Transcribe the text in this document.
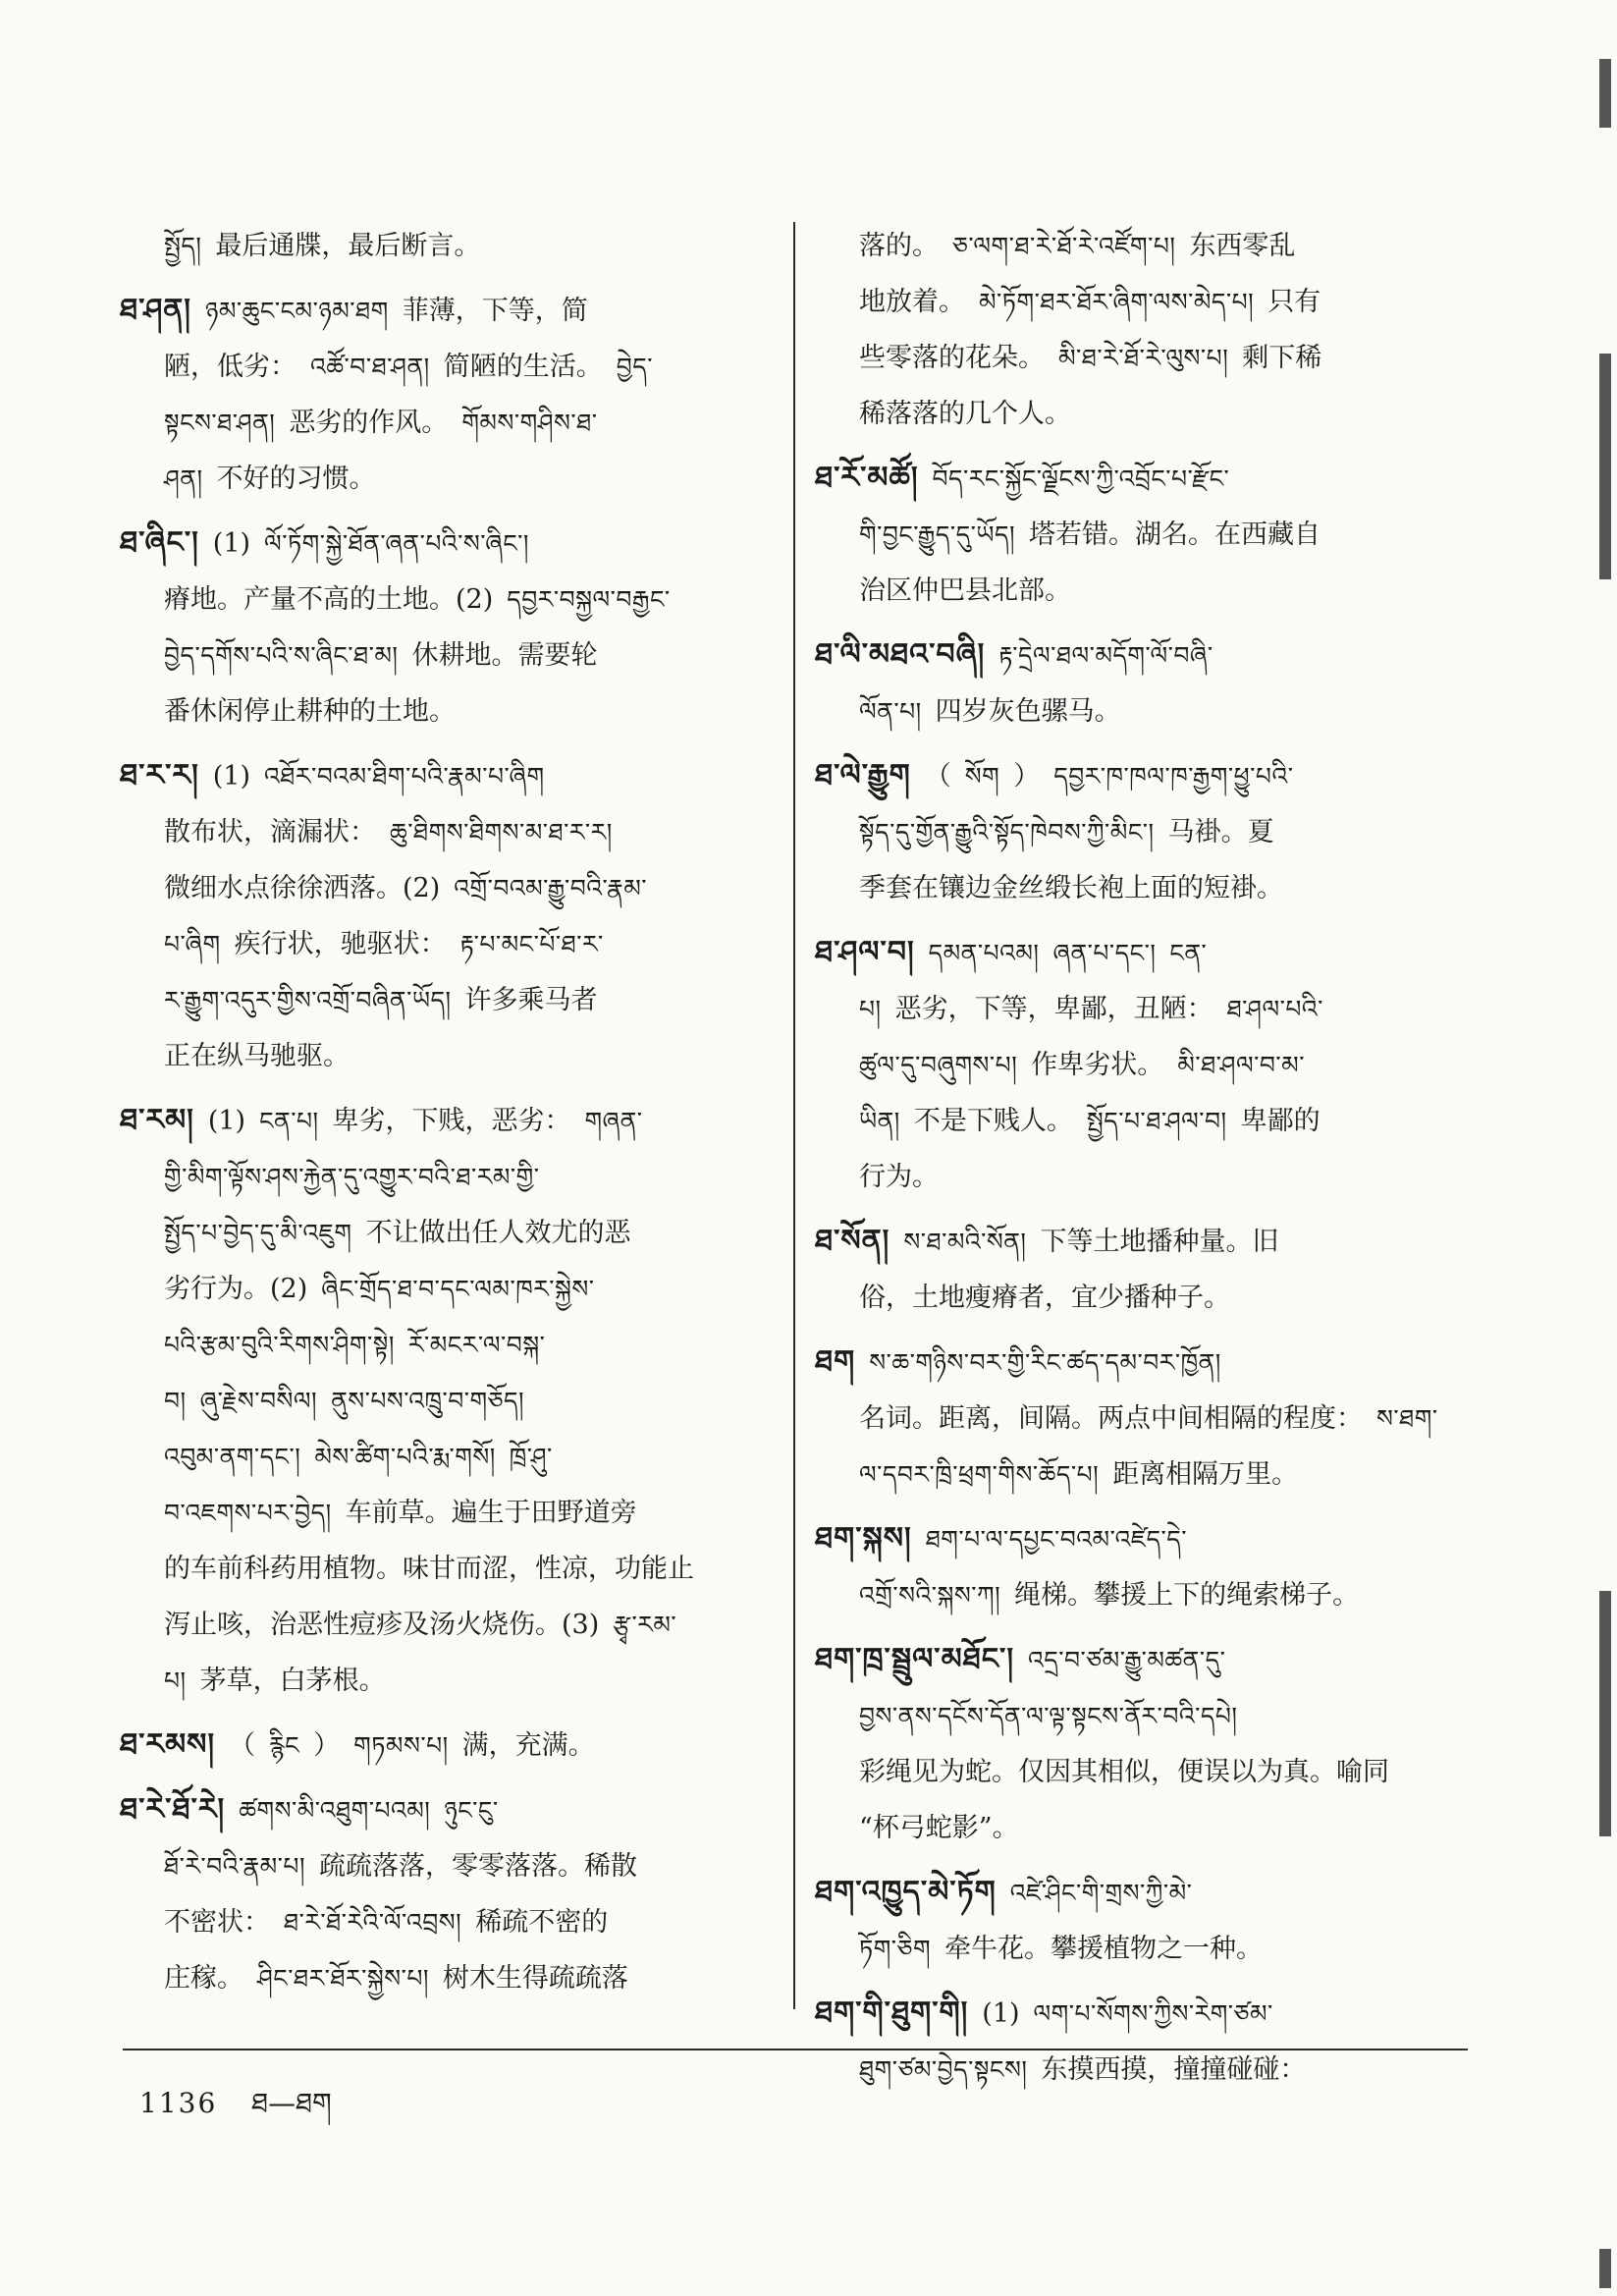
སྤྱོད། 最后通牒，最后断言。

ཐ་ཤན། ཉམ་ཆུང་ངམ་ཉམ་ཐག 菲薄，下等，简

陋，低劣： འཚོ་བ་ཐ་ཤན། 简陋的生活。 བྱེད་

སྟངས་ཐ་ཤན། 恶劣的作风。 གོམས་གཤིས་ཐ་

ཤན། 不好的习惯。

ཐ་ཞིང་། (1) ལོ་ཏོག་སྐྱེ་ཐོན་ཞན་པའི་ས་ཞིང་།

瘠地。产量不高的土地。(2) དབྱར་བསྐྱལ་བརྒྱང་

བྱེད་དགོས་པའི་ས་ཞིང་ཐ་མ། 休耕地。需要轮

番休闲停止耕种的土地。

ཐ་ར་ར། (1) འཐོར་བའམ་ཐིག་པའི་རྣམ་པ་ཞིག

散布状，滴漏状： ཆུ་ཐིགས་ཐིགས་མ་ཐ་ར་ར།

微细水点徐徐洒落。(2) འགྲོ་བའམ་རྒྱུ་བའི་རྣམ་

པ་ཞིག 疾行状，驰驱状： རྟ་པ་མང་པོ་ཐ་ར་

ར་རྒྱུག་འདུར་གྱིས་འགྲོ་བཞིན་ཡོད། 许多乘马者

正在纵马驰驱。

ཐ་རམ། (1) ངན་པ། 卑劣，下贱，恶劣： གཞན་

གྱི་མིག་ལྟོས་ཤས་རྐྱེན་དུ་འགྱུར་བའི་ཐ་རམ་གྱི་

སྤྱོད་པ་བྱེད་དུ་མི་འཇུག 不让做出任人效尤的恶

劣行为。(2) ཞིང་གྲོད་ཐ་བ་དང་ལམ་ཁར་སྐྱེས་

པའི་རྩམ་བུའི་རིགས་ཤིག་སྟེ། རོ་མངར་ལ་བསྐ་

བ། ཞུ་རྗེས་བསིལ། ནུས་པས་འཁྲུ་བ་གཅོད།

འབུམ་ནག་དང་། མེས་ཚིག་པའི་རྨ་གསོ། ཁྲོ་ཤུ་

བ་འཇགས་པར་བྱེད། 车前草。遍生于田野道旁

的车前科药用植物。味甘而涩，性凉，功能止

泻止咳，治恶性痘疹及汤火烧伤。(3) རྩྭ་རམ་

པ། 茅草，白茅根。

ཐ་རམས། （ རྙིང ） གཏམས་པ། 满，充满。

ཐ་རེ་ཐོ་རེ། ཚགས་མི་འཐུག་པའམ། ཉུང་ངུ་

ཐོ་རེ་བའི་རྣམ་པ། 疏疏落落，零零落落。稀散

不密状： ཐ་རེ་ཐོ་རེའི་ལོ་འབྲས། 稀疏不密的

庄稼。 ཤིང་ཐར་ཐོར་སྐྱེས་པ། 树木生得疏疏落

落的。 ཅ་ལག་ཐ་རེ་ཐོ་རེ་འཛོག་པ། 东西零乱

地放着。 མེ་ཏོག་ཐར་ཐོར་ཞིག་ལས་མེད་པ། 只有

些零落的花朵。 མི་ཐ་རེ་ཐོ་རེ་ལུས་པ། 剩下稀

稀落落的几个人。

ཐ་རོ་མཚོ། བོད་རང་སྐྱོང་ལྗོངས་ཀྱི་འབྲོང་པ་རྫོང་

གི་བྱང་རྒྱུད་དུ་ཡོད། 塔若错。湖名。在西藏自

治区仲巴县北部。

ཐ་ལི་མཐའ་བཞི། རྟ་དྲེལ་ཐལ་མདོག་ལོ་བཞི་

ལོན་པ། 四岁灰色骡马。

ཐ་ལེ་རྒྱུག （ སོག ） དབྱར་ཁ་ཁལ་ཁ་རྒྱག་ཕྱུ་པའི་

སྟོད་དུ་གྱོན་རྒྱུའི་སྟོད་ཁེབས་ཀྱི་མིང་། 马褂。夏

季套在镶边金丝缎长袍上面的短褂。

ཐ་ཤལ་བ། དམན་པའམ། ཞན་པ་དང་། ངན་

པ། 恶劣，下等，卑鄙，丑陋： ཐ་ཤལ་པའི་

ཚུལ་དུ་བཞུགས་པ། 作卑劣状。 མི་ཐ་ཤལ་བ་མ་

ཡིན། 不是下贱人。 སྤྱོད་པ་ཐ་ཤལ་བ། 卑鄙的

行为。

ཐ་སོན། ས་ཐ་མའི་སོན། 下等土地播种量。旧

俗，土地瘦瘠者，宜少播种子。

ཐག ས་ཆ་གཉིས་བར་གྱི་རིང་ཚད་དམ་བར་ཁྱོན།

名词。距离，间隔。两点中间相隔的程度： ས་ཐག་

ལ་དབར་ཁྲི་ཕྲག་གིས་ཆོད་པ། 距离相隔万里。

ཐག་སྐས། ཐག་པ་ལ་དཔྱང་བའམ་འཛེད་དེ་

འགྲོ་སའི་སྐས་ཀ། 绳梯。攀援上下的绳索梯子。

ཐག་ཁྲ་སྦྲུལ་མཐོང་། འདྲ་བ་ཙམ་རྒྱུ་མཚན་དུ་

བྱས་ནས་དངོས་དོན་ལ་ལྟ་སྟངས་ནོར་བའི་དཔེ།

彩绳见为蛇。仅因其相似，便误以为真。喻同

“杯弓蛇影”。

ཐག་འཁྱུད་མེ་ཏོག འཛེ་ཤིང་གི་གྲས་ཀྱི་མེ་

ཏོག་ཅིག 牵牛花。攀援植物之一种。

ཐག་གི་ཐུག་གི། (1) ལག་པ་སོགས་ཀྱིས་རེག་ཙམ་

ཐུག་ཙམ་བྱེད་སྟངས། 东摸西摸，撞撞碰碰：

1136 ཐ—ཐག
